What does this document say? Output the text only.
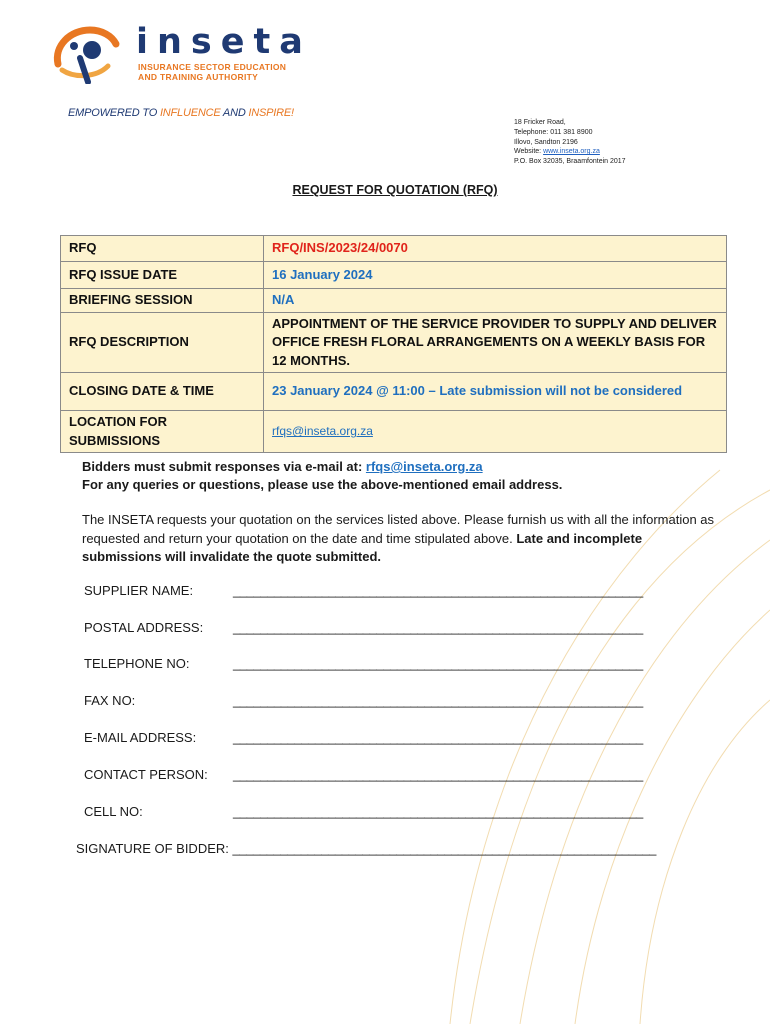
inseta
INSURANCE SECTOR EDUCATION
AND TRAINING AUTHORITY
EMPOWERED TO INFLUENCE AND INSPIRE!
18 Fricker Road,
Telephone: 011 381 8900
Illovo, Sandton 2196
Website: www.inseta.org.za
P.O. Box 32035, Braamfontein 2017
REQUEST FOR QUOTATION (RFQ)
RFQ	RFQ/INS/2023/24/0070
RFQ ISSUE DATE	16 January 2024
BRIEFING SESSION	N/A
RFQ DESCRIPTION	APPOINTMENT OF THE SERVICE PROVIDER TO SUPPLY AND DELIVER OFFICE FRESH FLORAL ARRANGEMENTS ON A WEEKLY BASIS FOR 12 MONTHS.
CLOSING DATE & TIME	23 January 2024 @ 11:00 – Late submission will not be considered
LOCATION FOR SUBMISSIONS	rfqs@inseta.org.za
Bidders must submit responses via e-mail at: rfqs@inseta.org.za
For any queries or questions, please use the above-mentioned email address.
The INSETA requests your quotation on the services listed above. Please furnish us with all the information as requested and return your quotation on the date and time stipulated above. Late and incomplete submissions will invalidate the quote submitted.
SUPPLIER NAME:	____________________________________________________________
POSTAL ADDRESS: ____________________________________________________________
TELEPHONE NO:	____________________________________________________________
FAX NO:	____________________________________________________________
E-MAIL ADDRESS:	____________________________________________________________
CONTACT PERSON: ____________________________________________________________
CELL NO:	____________________________________________________________
SIGNATURE OF BIDDER: ______________________________________________________________
